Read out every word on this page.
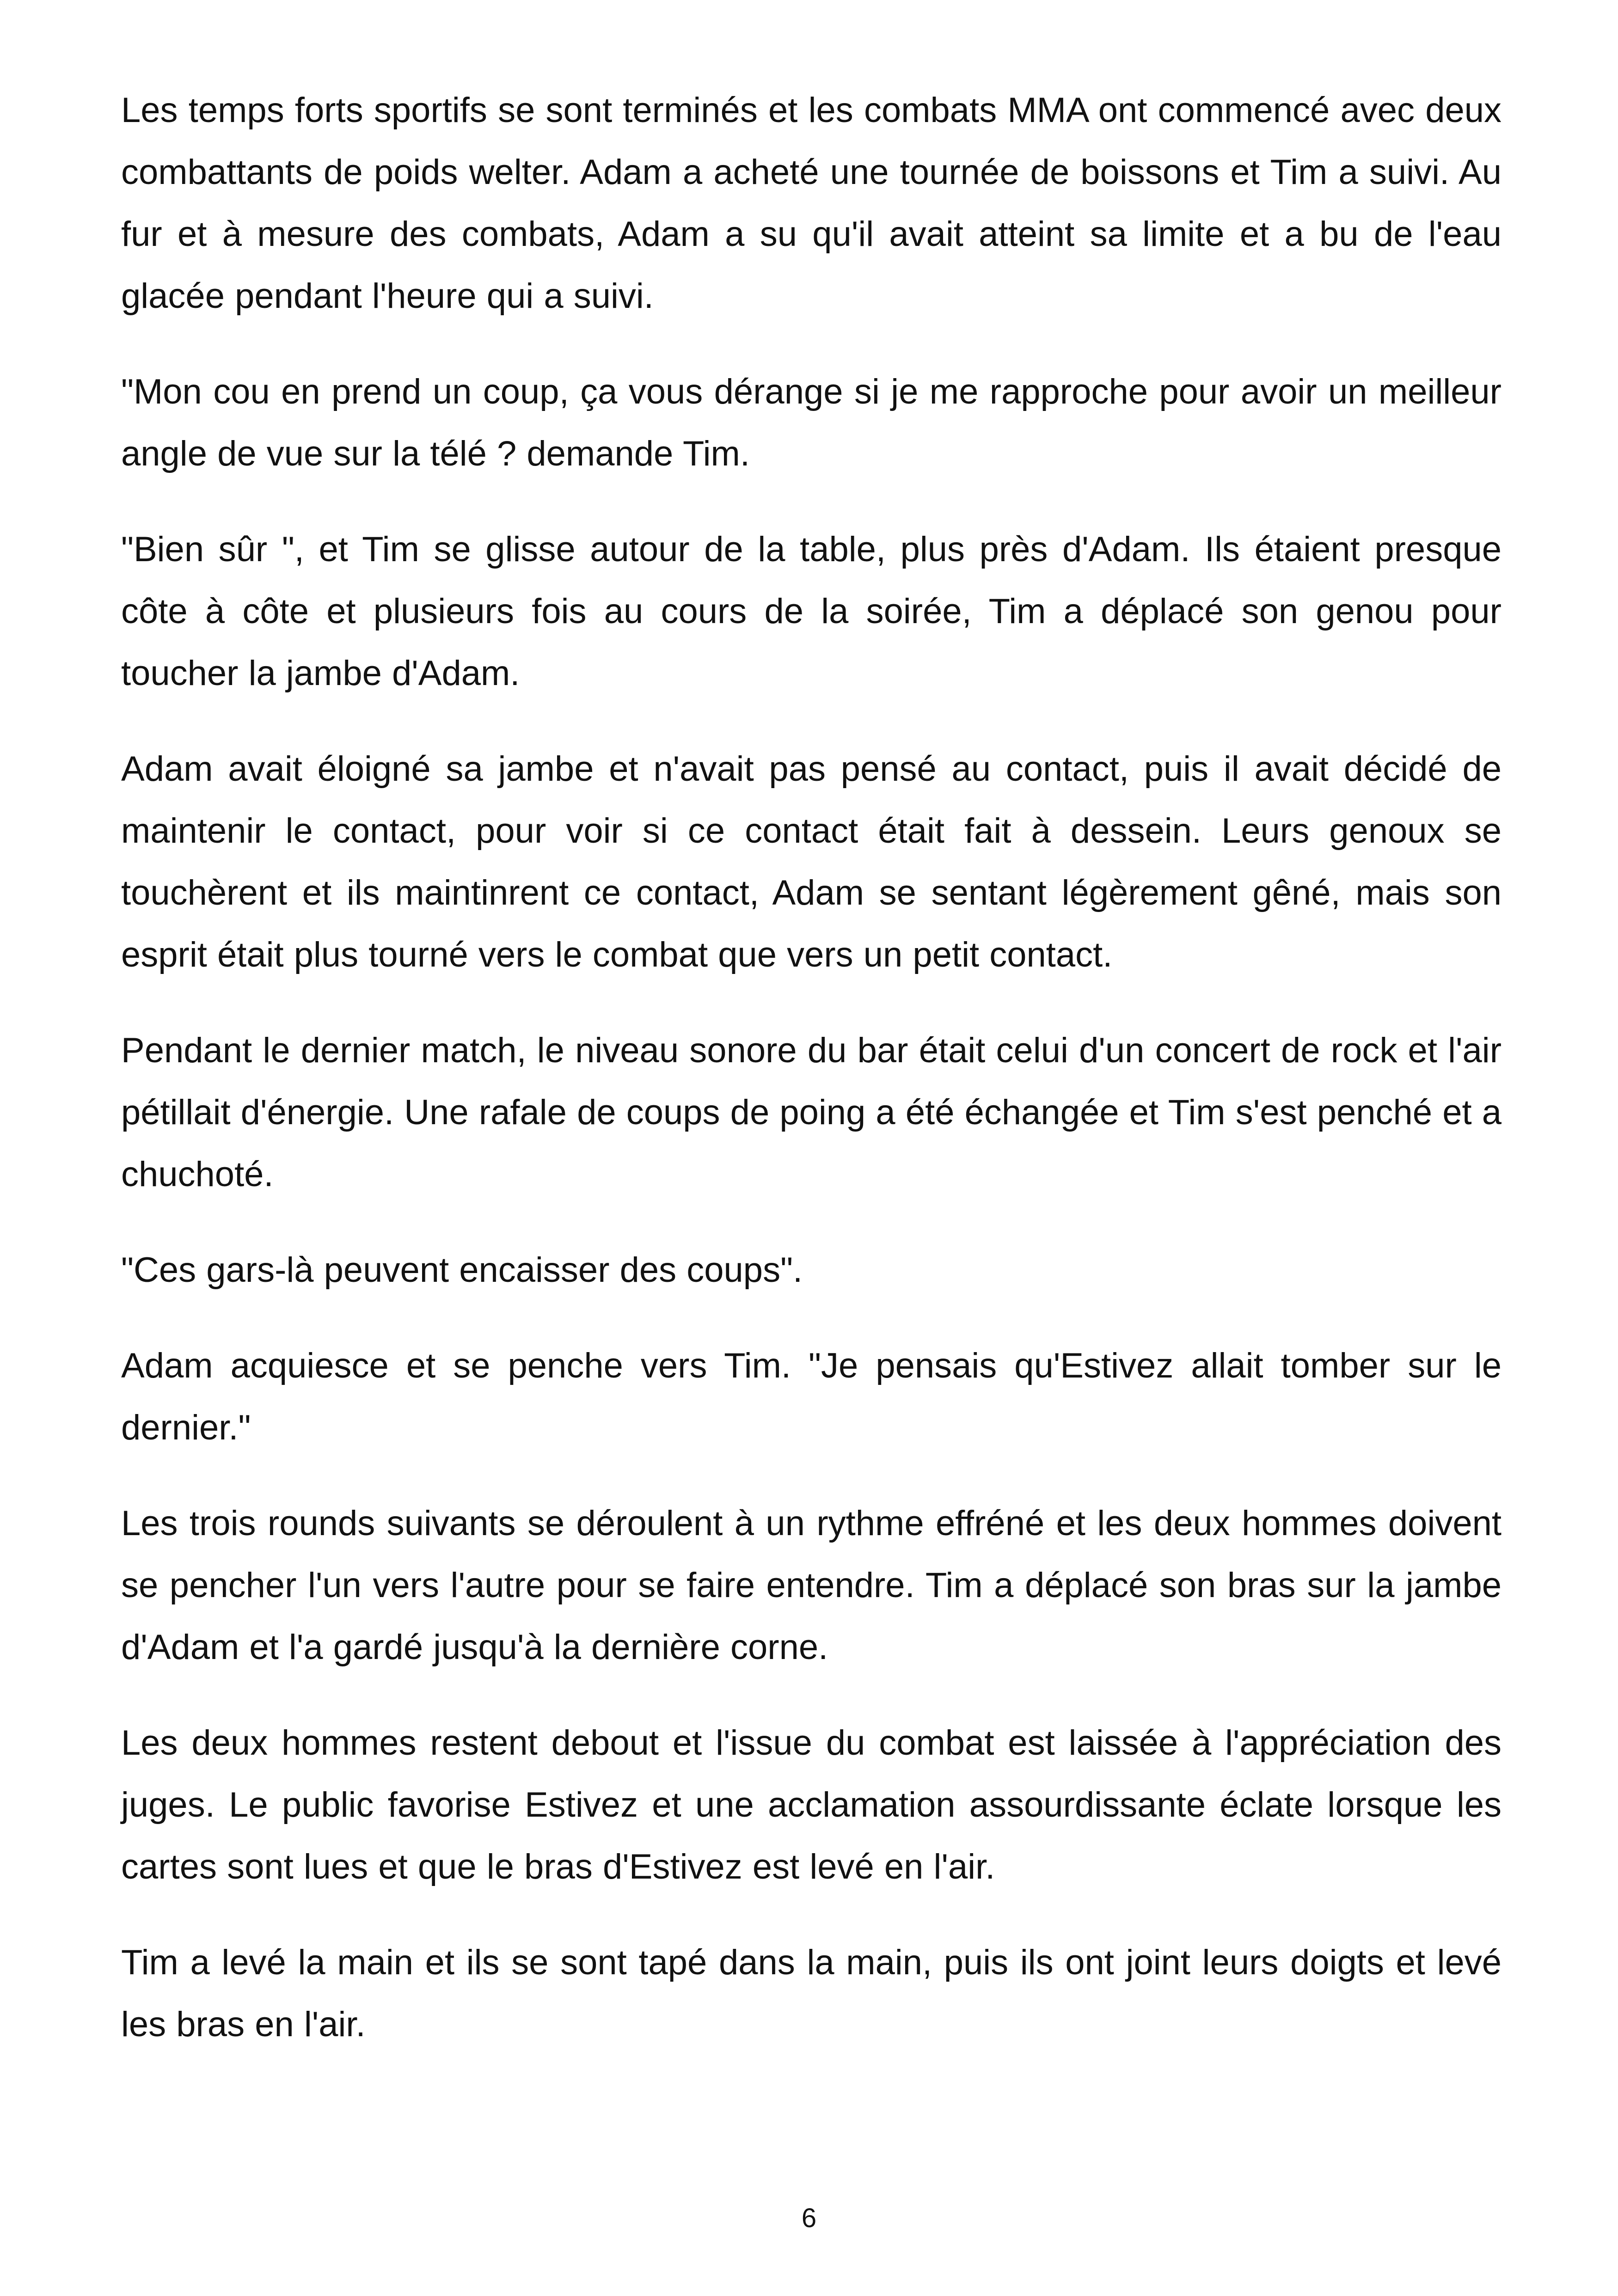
Les temps forts sportifs se sont terminés et les combats MMA ont commencé avec deux combattants de poids welter. Adam a acheté une tournée de boissons et Tim a suivi. Au fur et à mesure des combats, Adam a su qu'il avait atteint sa limite et a bu de l'eau glacée pendant l'heure qui a suivi.

"Mon cou en prend un coup, ça vous dérange si je me rapproche pour avoir un meilleur angle de vue sur la télé ? demande Tim.

"Bien sûr ", et Tim se glisse autour de la table, plus près d'Adam. Ils étaient presque côte à côte et plusieurs fois au cours de la soirée, Tim a déplacé son genou pour toucher la jambe d'Adam.

Adam avait éloigné sa jambe et n'avait pas pensé au contact, puis il avait décidé de maintenir le contact, pour voir si ce contact était fait à dessein. Leurs genoux se touchèrent et ils maintinrent ce contact, Adam se sentant légèrement gêné, mais son esprit était plus tourné vers le combat que vers un petit contact.

Pendant le dernier match, le niveau sonore du bar était celui d'un concert de rock et l'air pétillait d'énergie. Une rafale de coups de poing a été échangée et Tim s'est penché et a chuchoté.

"Ces gars-là peuvent encaisser des coups".

Adam acquiesce et se penche vers Tim. "Je pensais qu'Estivez allait tomber sur le dernier."

Les trois rounds suivants se déroulent à un rythme effréné et les deux hommes doivent se pencher l'un vers l'autre pour se faire entendre. Tim a déplacé son bras sur la jambe d'Adam et l'a gardé jusqu'à la dernière corne.

Les deux hommes restent debout et l'issue du combat est laissée à l'appréciation des juges. Le public favorise Estivez et une acclamation assourdissante éclate lorsque les cartes sont lues et que le bras d'Estivez est levé en l'air.

Tim a levé la main et ils se sont tapé dans la main, puis ils ont joint leurs doigts et levé les bras en l'air.

6
